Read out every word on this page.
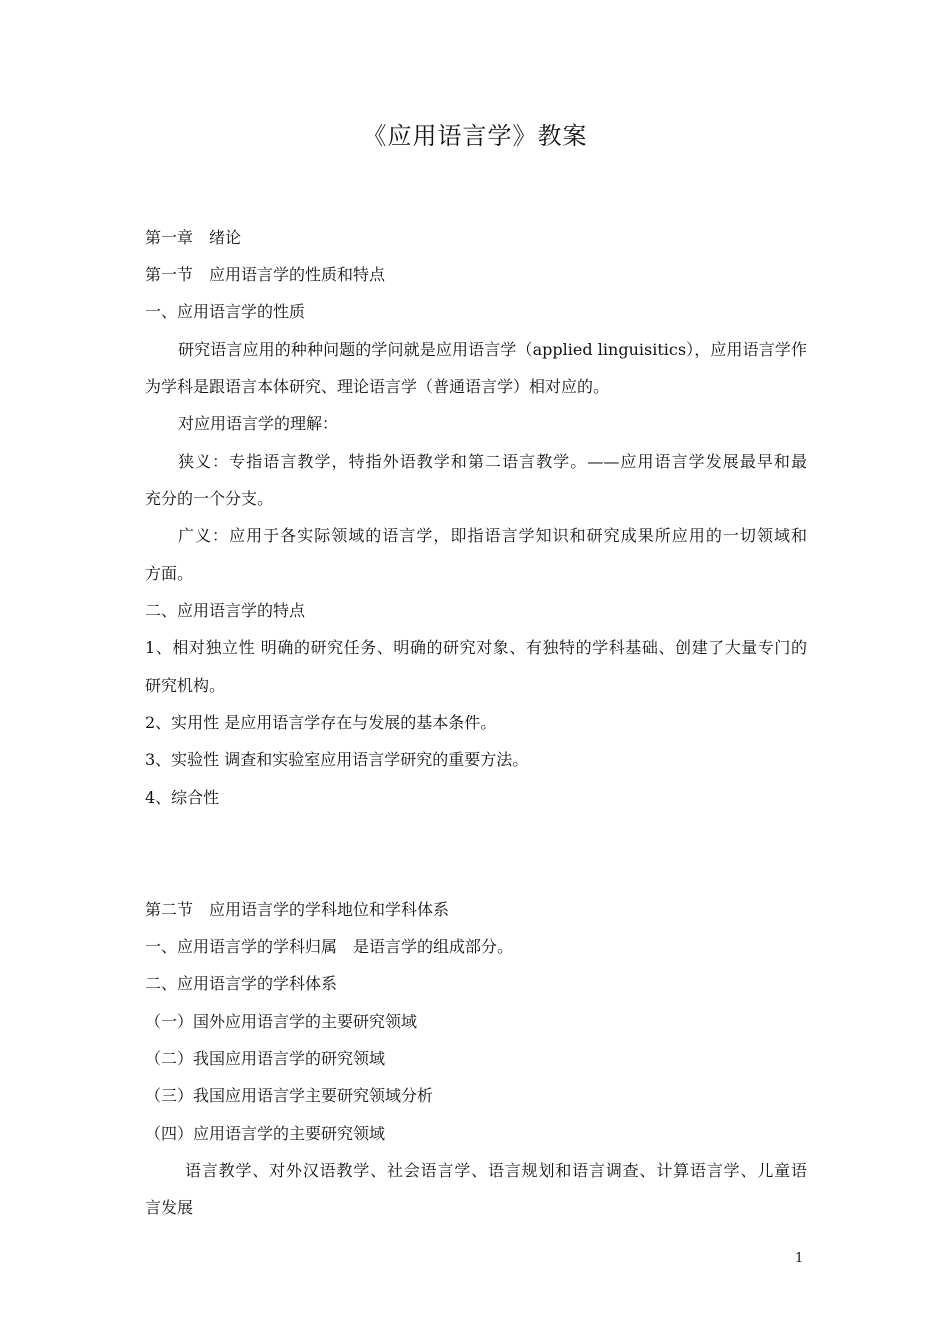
《应用语言学》教案
第一章　绪论
第一节　应用语言学的性质和特点
一、应用语言学的性质
研究语言应用的种种问题的学问就是应用语言学（applied linguisitics），应用语言学作
为学科是跟语言本体研究、理论语言学（普通语言学）相对应的。
对应用语言学的理解：
狭义：专指语言教学，特指外语教学和第二语言教学。——应用语言学发展最早和最
充分的一个分支。
广义：应用于各实际领域的语言学，即指语言学知识和研究成果所应用的一切领域和
方面。
二、应用语言学的特点
1、相对独立性 明确的研究任务、明确的研究对象、有独特的学科基础、创建了大量专门的
研究机构。
2、实用性 是应用语言学存在与发展的基本条件。
3、实验性 调查和实验室应用语言学研究的重要方法。
4、综合性
第二节　应用语言学的学科地位和学科体系
一、应用语言学的学科归属　是语言学的组成部分。
二、应用语言学的学科体系
（一）国外应用语言学的主要研究领域
（二）我国应用语言学的研究领域
（三）我国应用语言学主要研究领域分析
（四）应用语言学的主要研究领域
语言教学、对外汉语教学、社会语言学、语言规划和语言调查、计算语言学、儿童语
言发展
1
